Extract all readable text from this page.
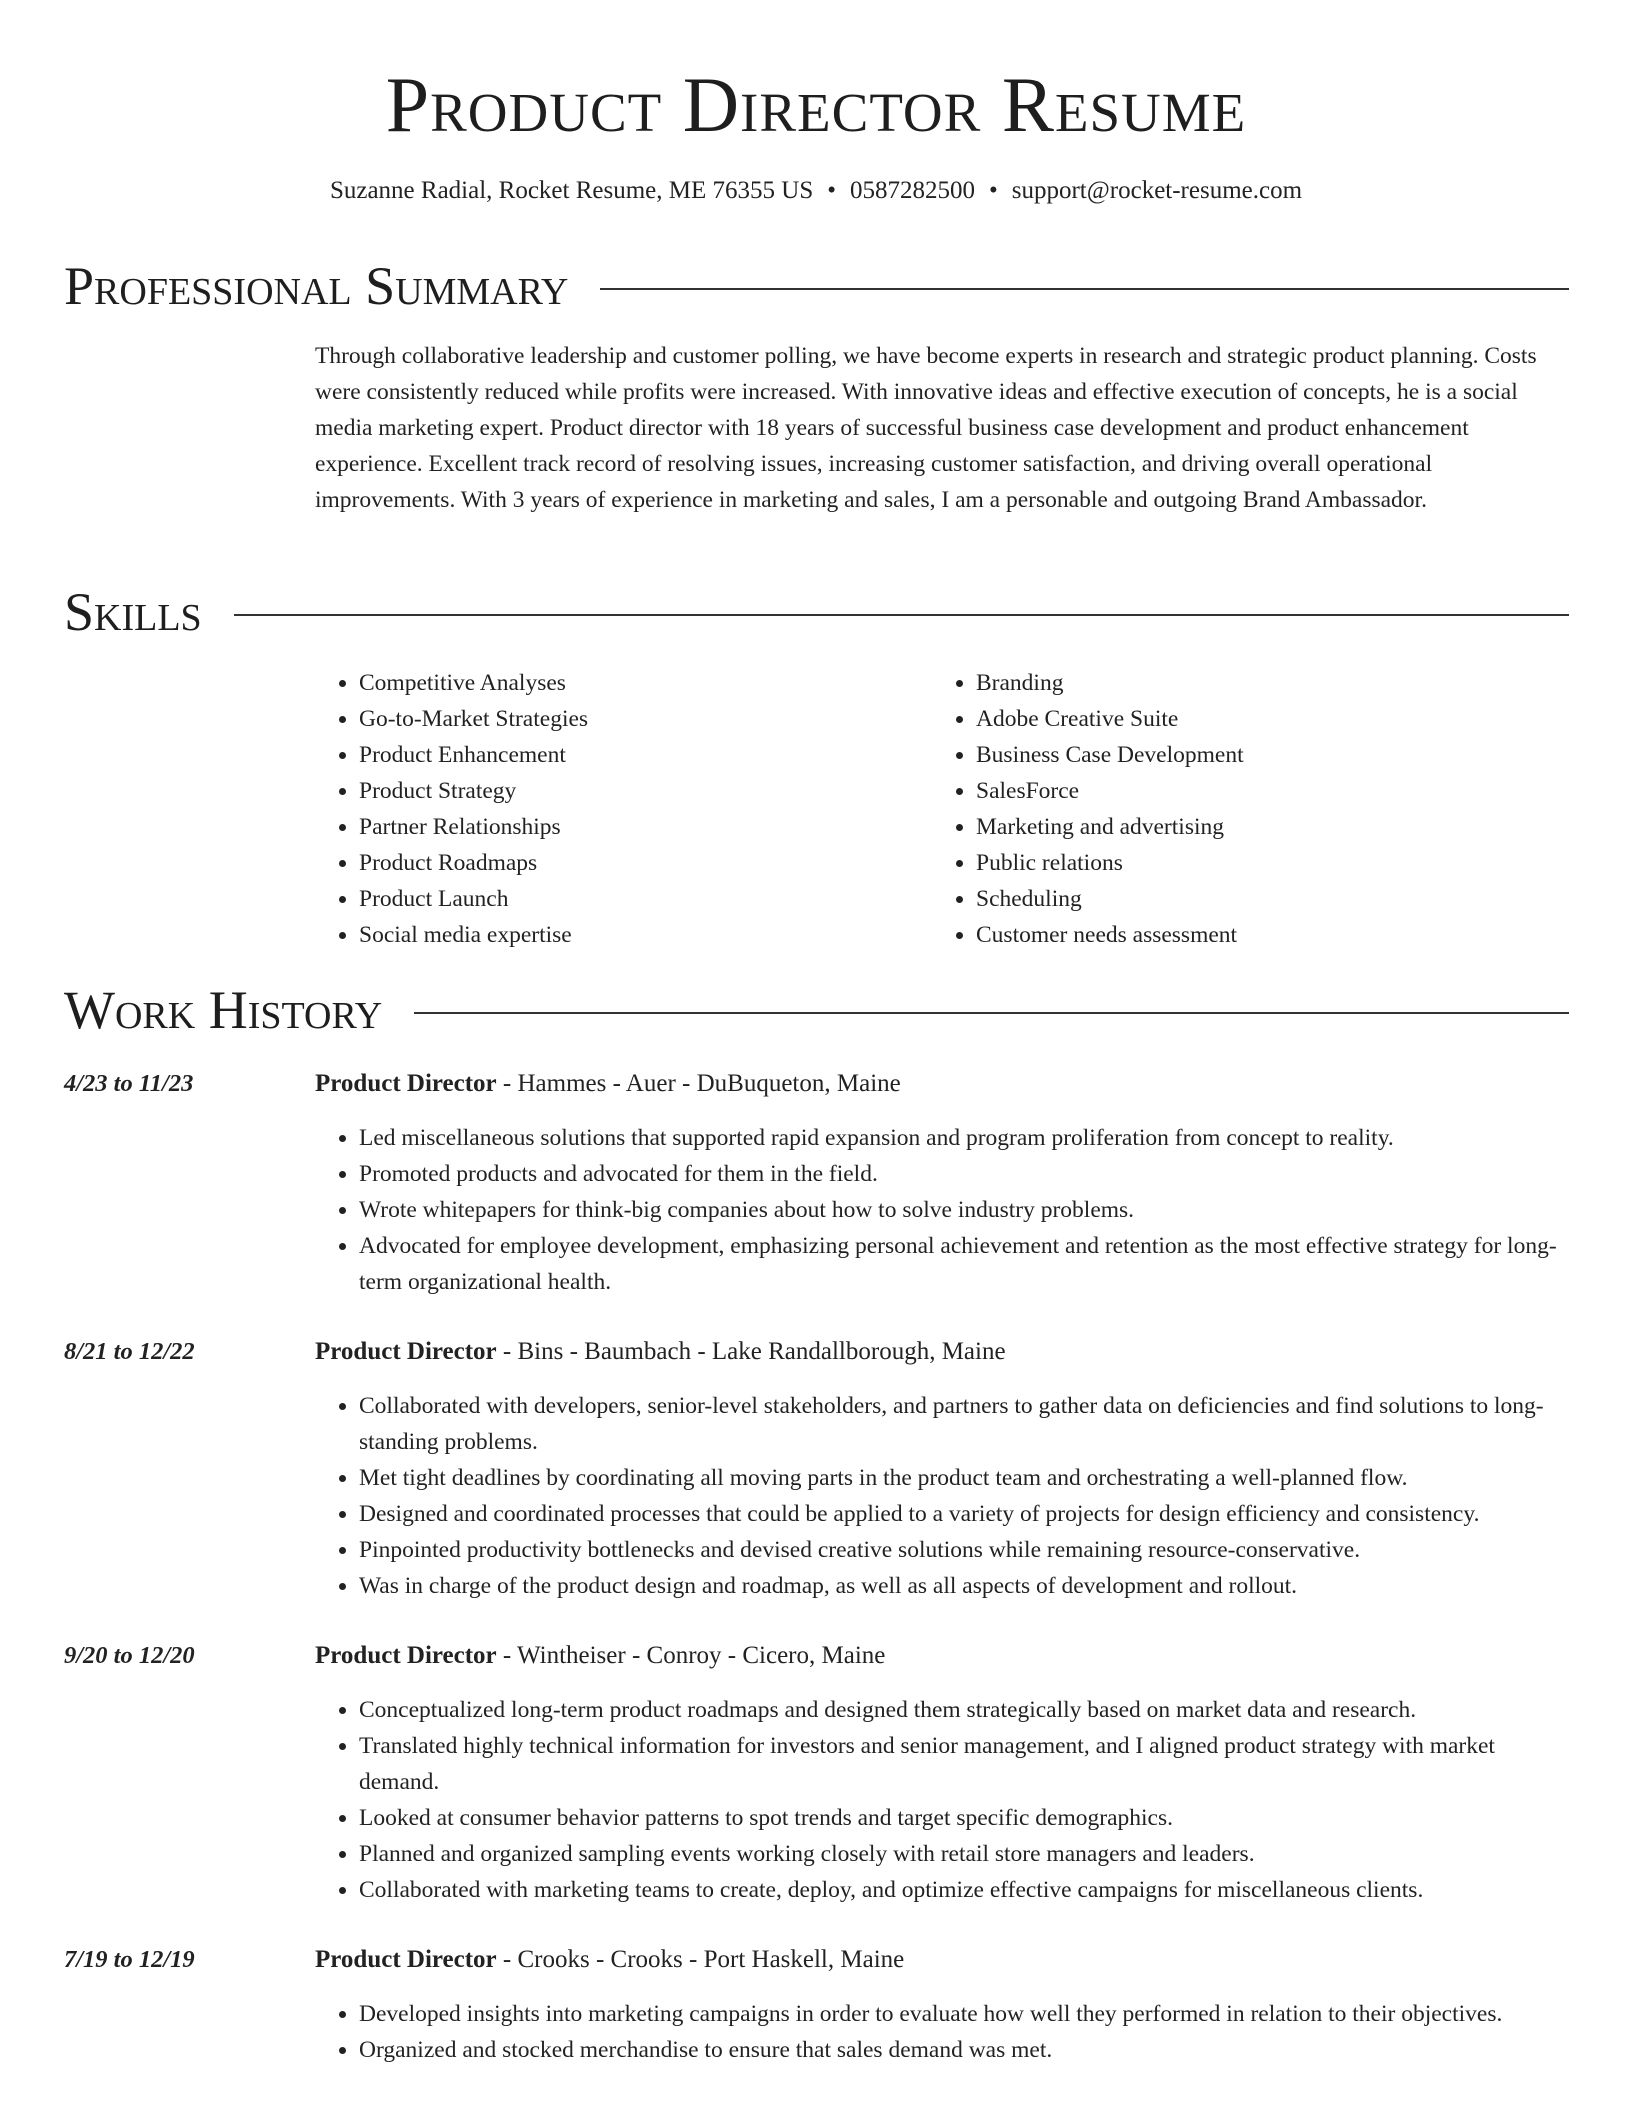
Product Director Resume
Suzanne Radial, Rocket Resume, ME 76355 US • 0587282500 • support@rocket-resume.com
Professional Summary

Through collaborative leadership and customer polling, we have become experts in research and strategic product planning. Costs were consistently reduced while profits were increased. With innovative ideas and effective execution of concepts, he is a social media marketing expert. Product director with 18 years of successful business case development and product enhancement experience. Excellent track record of resolving issues, increasing customer satisfaction, and driving overall operational improvements. With 3 years of experience in marketing and sales, I am a personable and outgoing Brand Ambassador.

Skills
• Competitive Analyses
• Go-to-Market Strategies
• Product Enhancement
• Product Strategy
• Partner Relationships
• Product Roadmaps
• Product Launch
• Social media expertise
• Branding
• Adobe Creative Suite
• Business Case Development
• SalesForce
• Marketing and advertising
• Public relations
• Scheduling
• Customer needs assessment
Work History
4/23 to 11/23	Product Director - Hammes - Auer - DuBuqueton, Maine
• Led miscellaneous solutions that supported rapid expansion and program proliferation from concept to reality.
• Promoted products and advocated for them in the field.
• Wrote whitepapers for think-big companies about how to solve industry problems.
• Advocated for employee development, emphasizing personal achievement and retention as the most effective strategy for long-term organizational health.
8/21 to 12/22	Product Director - Bins - Baumbach - Lake Randallborough, Maine
• Collaborated with developers, senior-level stakeholders, and partners to gather data on deficiencies and find solutions to long-standing problems.
• Met tight deadlines by coordinating all moving parts in the product team and orchestrating a well-planned flow.
• Designed and coordinated processes that could be applied to a variety of projects for design efficiency and consistency.
• Pinpointed productivity bottlenecks and devised creative solutions while remaining resource-conservative.
• Was in charge of the product design and roadmap, as well as all aspects of development and rollout.
9/20 to 12/20	Product Director - Wintheiser - Conroy - Cicero, Maine
• Conceptualized long-term product roadmaps and designed them strategically based on market data and research.
• Translated highly technical information for investors and senior management, and I aligned product strategy with market demand.
• Looked at consumer behavior patterns to spot trends and target specific demographics.
• Planned and organized sampling events working closely with retail store managers and leaders.
• Collaborated with marketing teams to create, deploy, and optimize effective campaigns for miscellaneous clients.
7/19 to 12/19	Product Director - Crooks - Crooks - Port Haskell, Maine
• Developed insights into marketing campaigns in order to evaluate how well they performed in relation to their objectives.
• Organized and stocked merchandise to ensure that sales demand was met.
